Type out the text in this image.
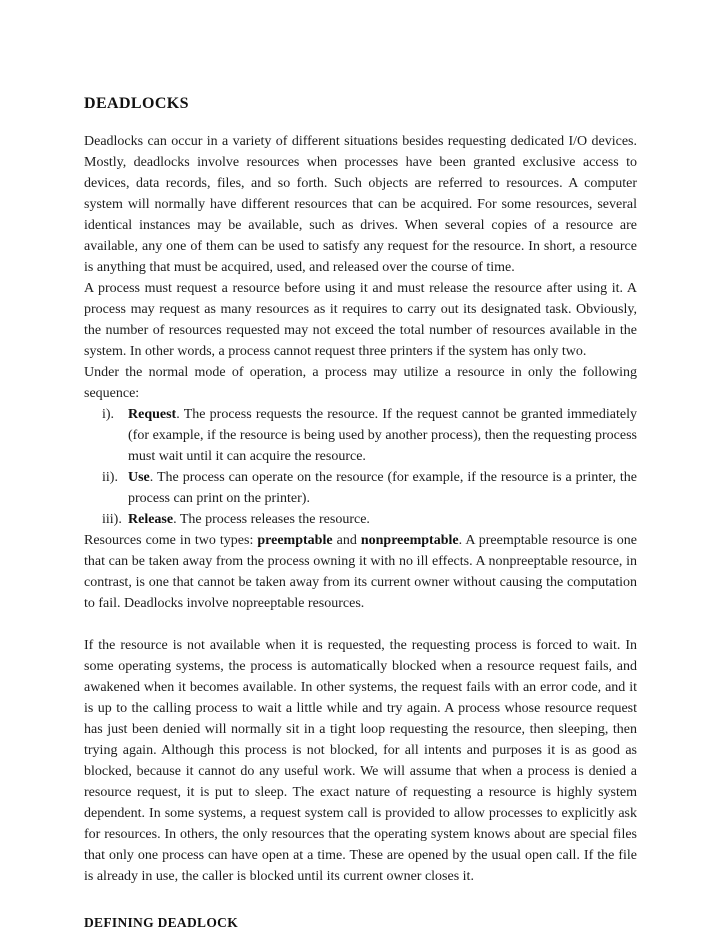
DEADLOCKS

Deadlocks can occur in a variety of different situations besides requesting dedicated I/O devices. Mostly, deadlocks involve resources when processes have been granted exclusive access to devices, data records, files, and so forth. Such objects are referred to resources. A computer system will normally have different resources that can be acquired. For some resources, several identical instances may be available, such as drives. When several copies of a resource are available, any one of them can be used to satisfy any request for the resource. In short, a resource is anything that must be acquired, used, and released over the course of time.

A process must request a resource before using it and must release the resource after using it. A process may request as many resources as it requires to carry out its designated task. Obviously, the number of resources requested may not exceed the total number of resources available in the system. In other words, a process cannot request three printers if the system has only two.

Under the normal mode of operation, a process may utilize a resource in only the following sequence:

i). Request. The process requests the resource. If the request cannot be granted immediately (for example, if the resource is being used by another process), then the requesting process must wait until it can acquire the resource.
ii). Use. The process can operate on the resource (for example, if the resource is a printer, the process can print on the printer).
iii). Release. The process releases the resource.

Resources come in two types: preemptable and nonpreemptable. A preemptable resource is one that can be taken away from the process owning it with no ill effects. A nonpreeptable resource, in contrast, is one that cannot be taken away from its current owner without causing the computation to fail. Deadlocks involve nopreeptable resources.

If the resource is not available when it is requested, the requesting process is forced to wait. In some operating systems, the process is automatically blocked when a resource request fails, and awakened when it becomes available. In other systems, the request fails with an error code, and it is up to the calling process to wait a little while and try again. A process whose resource request has just been denied will normally sit in a tight loop requesting the resource, then sleeping, then trying again. Although this process is not blocked, for all intents and purposes it is as good as blocked, because it cannot do any useful work. We will assume that when a process is denied a resource request, it is put to sleep. The exact nature of requesting a resource is highly system dependent. In some systems, a request system call is provided to allow processes to explicitly ask for resources. In others, the only resources that the operating system knows about are special files that only one process can have open at a time. These are opened by the usual open call. If the file is already in use, the caller is blocked until its current owner closes it.

DEFINING DEADLOCK
